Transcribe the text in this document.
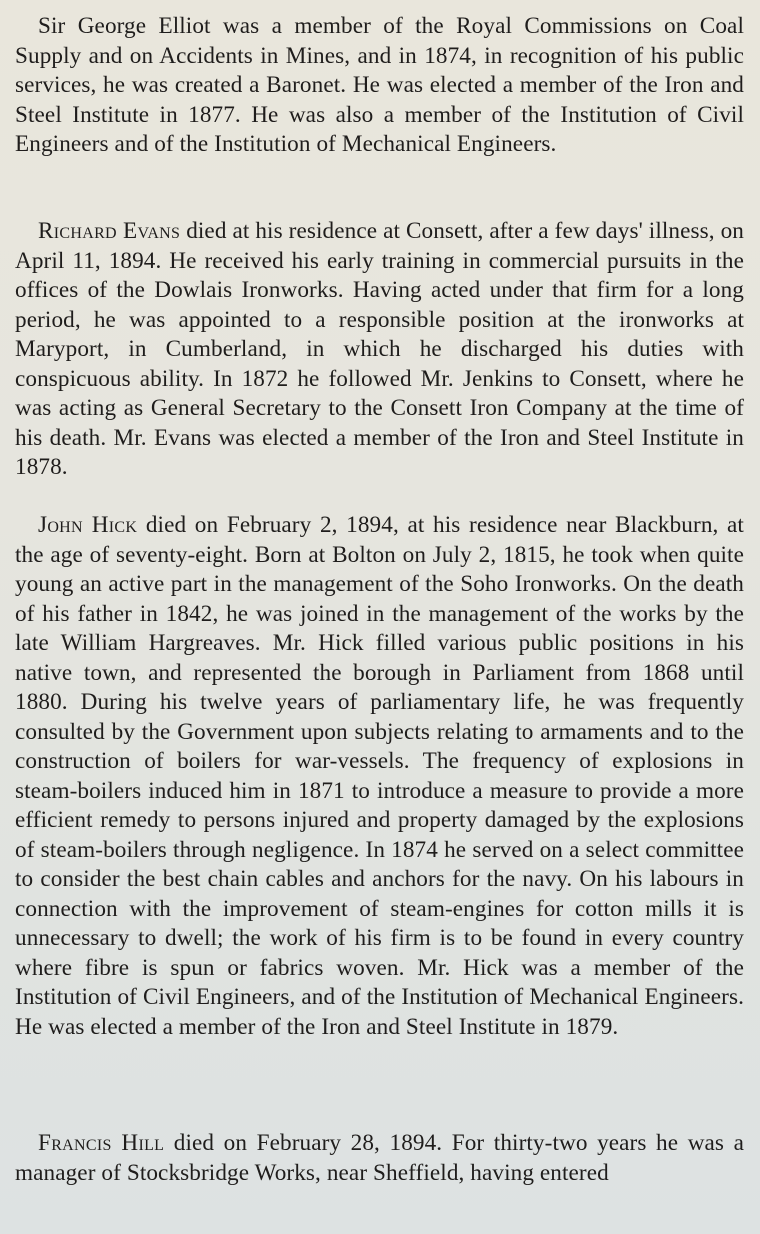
Sir George Elliot was a member of the Royal Commissions on Coal Supply and on Accidents in Mines, and in 1874, in recognition of his public services, he was created a Baronet. He was elected a member of the Iron and Steel Institute in 1877. He was also a member of the Institution of Civil Engineers and of the Institution of Mechanical Engineers.

Richard Evans died at his residence at Consett, after a few days' illness, on April 11, 1894. He received his early training in commercial pursuits in the offices of the Dowlais Ironworks. Having acted under that firm for a long period, he was appointed to a responsible position at the ironworks at Maryport, in Cumberland, in which he discharged his duties with conspicuous ability. In 1872 he followed Mr. Jenkins to Consett, where he was acting as General Secretary to the Consett Iron Company at the time of his death. Mr. Evans was elected a member of the Iron and Steel Institute in 1878.

John Hick died on February 2, 1894, at his residence near Blackburn, at the age of seventy-eight. Born at Bolton on July 2, 1815, he took when quite young an active part in the management of the Soho Ironworks. On the death of his father in 1842, he was joined in the management of the works by the late William Hargreaves. Mr. Hick filled various public positions in his native town, and represented the borough in Parliament from 1868 until 1880. During his twelve years of parliamentary life, he was frequently consulted by the Government upon subjects relating to armaments and to the construction of boilers for war-vessels. The frequency of explosions in steam-boilers induced him in 1871 to introduce a measure to provide a more efficient remedy to persons injured and property damaged by the explosions of steam-boilers through negligence. In 1874 he served on a select committee to consider the best chain cables and anchors for the navy. On his labours in connection with the improvement of steam-engines for cotton mills it is unnecessary to dwell; the work of his firm is to be found in every country where fibre is spun or fabrics woven. Mr. Hick was a member of the Institution of Civil Engineers, and of the Institution of Mechanical Engineers. He was elected a member of the Iron and Steel Institute in 1879.

Francis Hill died on February 28, 1894. For thirty-two years he was a manager of Stocksbridge Works, near Sheffield, having entered
